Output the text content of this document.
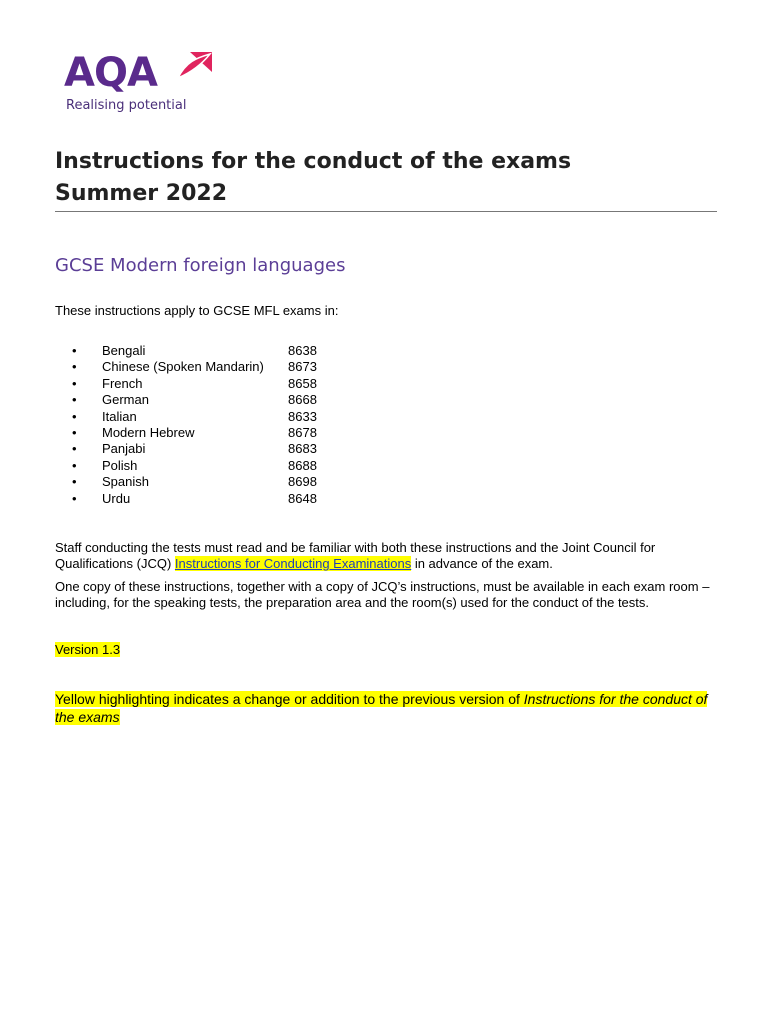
AQA
Realising potential
Instructions for the conduct of the exams
Summer 2022
GCSE Modern foreign languages

These instructions apply to GCSE MFL exams in:

•	Bengali	8638
•	Chinese (Spoken Mandarin)	8673
•	French	8658
•	German	8668
•	Italian	8633
•	Modern Hebrew	8678
•	Panjabi	8683
•	Polish	8688
•	Spanish	8698
•	Urdu	8648

Staff conducting the tests must read and be familiar with both these instructions and the Joint Council for Qualifications (JCQ) Instructions for Conducting Examinations in advance of the exam.

One copy of these instructions, together with a copy of JCQ’s instructions, must be available in each exam room – including, for the speaking tests, the preparation area and the room(s) used for the conduct of the tests.

Version 1.3

Yellow highlighting indicates a change or addition to the previous version of Instructions for the conduct of the exams
